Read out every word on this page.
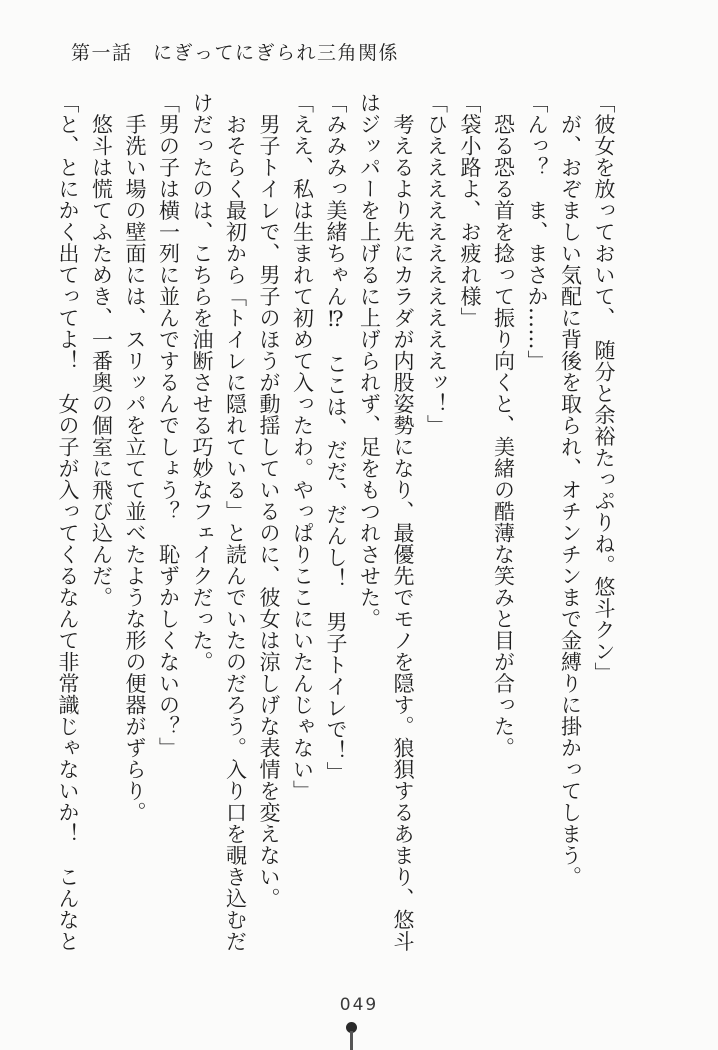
第一話　にぎってにぎられ三角関係
「彼女を放っておいて、　随分と余裕たっぷりね。悠斗クン」
　が、おぞましい気配に背後を取られ、オチンチンまで金縛りに掛かってしまう。
「んっ？　ま、まさか……」
　恐る恐る首を捻って振り向くと、美緒の酷薄な笑みと目が合った。
「袋小路よ、お疲れ様」
「ひえええええええええええッ！」
　考えるより先にカラダが内股姿勢になり、最優先でモノを隠す。狼狽するあまり、悠斗
はジッパーを上げるに上げられず、足をもつれさせた。
「みみみっ美緒ちゃん⁉　ここは、だだ、だんし！　男子トイレで！」
「ええ、私は生まれて初めて入ったわ。やっぱりここにいたんじゃない」
　男子トイレで、男子のほうが動揺しているのに、彼女は涼しげな表情を変えない。
　おそらく最初から「トイレに隠れている」と読んでいたのだろう。入り口を覗き込むだ
けだったのは、こちらを油断させる巧妙なフェイクだった。
「男の子は横一列に並んでするんでしょう？　恥ずかしくないの？」
　手洗い場の壁面には、スリッパを立てて並べたような形の便器がずらり。
　悠斗は慌てふためき、一番奥の個室に飛び込んだ。
「と、とにかく出てってよ！　女の子が入ってくるなんて非常識じゃないか！　こんなと
049
